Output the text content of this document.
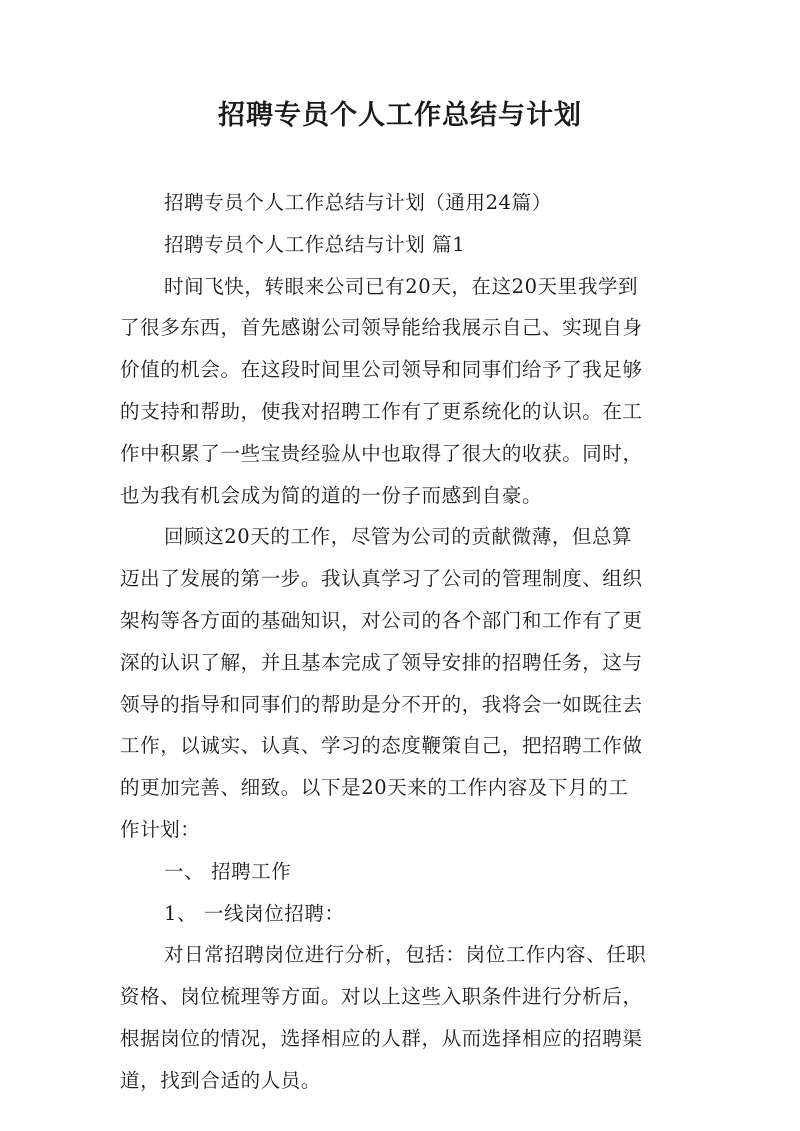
招聘专员个人工作总结与计划
招聘专员个人工作总结与计划（通用24篇）
招聘专员个人工作总结与计划 篇1
时间飞快，转眼来公司已有20天，在这20天里我学到
了很多东西，首先感谢公司领导能给我展示自己、实现自身
价值的机会。在这段时间里公司领导和同事们给予了我足够
的支持和帮助，使我对招聘工作有了更系统化的认识。在工
作中积累了一些宝贵经验从中也取得了很大的收获。同时，
也为我有机会成为简的道的一份子而感到自豪。
回顾这20天的工作，尽管为公司的贡献微薄，但总算
迈出了发展的第一步。我认真学习了公司的管理制度、组织
架构等各方面的基础知识，对公司的各个部门和工作有了更
深的认识了解，并且基本完成了领导安排的招聘任务，这与
领导的指导和同事们的帮助是分不开的，我将会一如既往去
工作，以诚实、认真、学习的态度鞭策自己，把招聘工作做
的更加完善、细致。以下是20天来的工作内容及下月的工
作计划：
一、 招聘工作
1、 一线岗位招聘：
对日常招聘岗位进行分析，包括：岗位工作内容、任职
资格、岗位梳理等方面。对以上这些入职条件进行分析后，
根据岗位的情况，选择相应的人群，从而选择相应的招聘渠
道，找到合适的人员。
